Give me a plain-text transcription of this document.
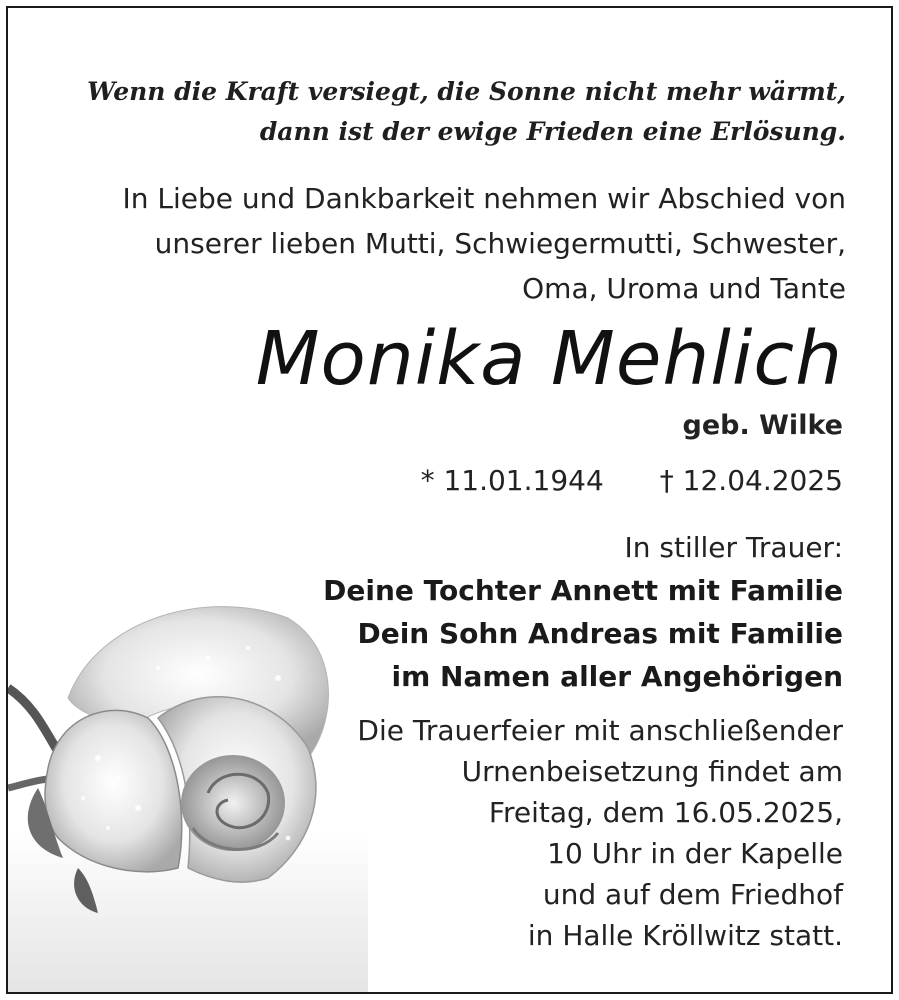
Wenn die Kraft versiegt, die Sonne nicht mehr wärmt,
dann ist der ewige Frieden eine Erlösung.
In Liebe und Dankbarkeit nehmen wir Abschied von
unserer lieben Mutti, Schwiegermutti, Schwester,
Oma, Uroma und Tante
Monika Mehlich
geb. Wilke
* 11.01.1944 † 12.04.2025
In stiller Trauer:
Deine Tochter Annett mit Familie
Dein Sohn Andreas mit Familie
im Namen aller Angehörigen
Die Trauerfeier mit anschließender
Urnenbeisetzung findet am
Freitag, dem 16.05.2025,
10 Uhr in der Kapelle
und auf dem Friedhof
in Halle Kröllwitz statt.
